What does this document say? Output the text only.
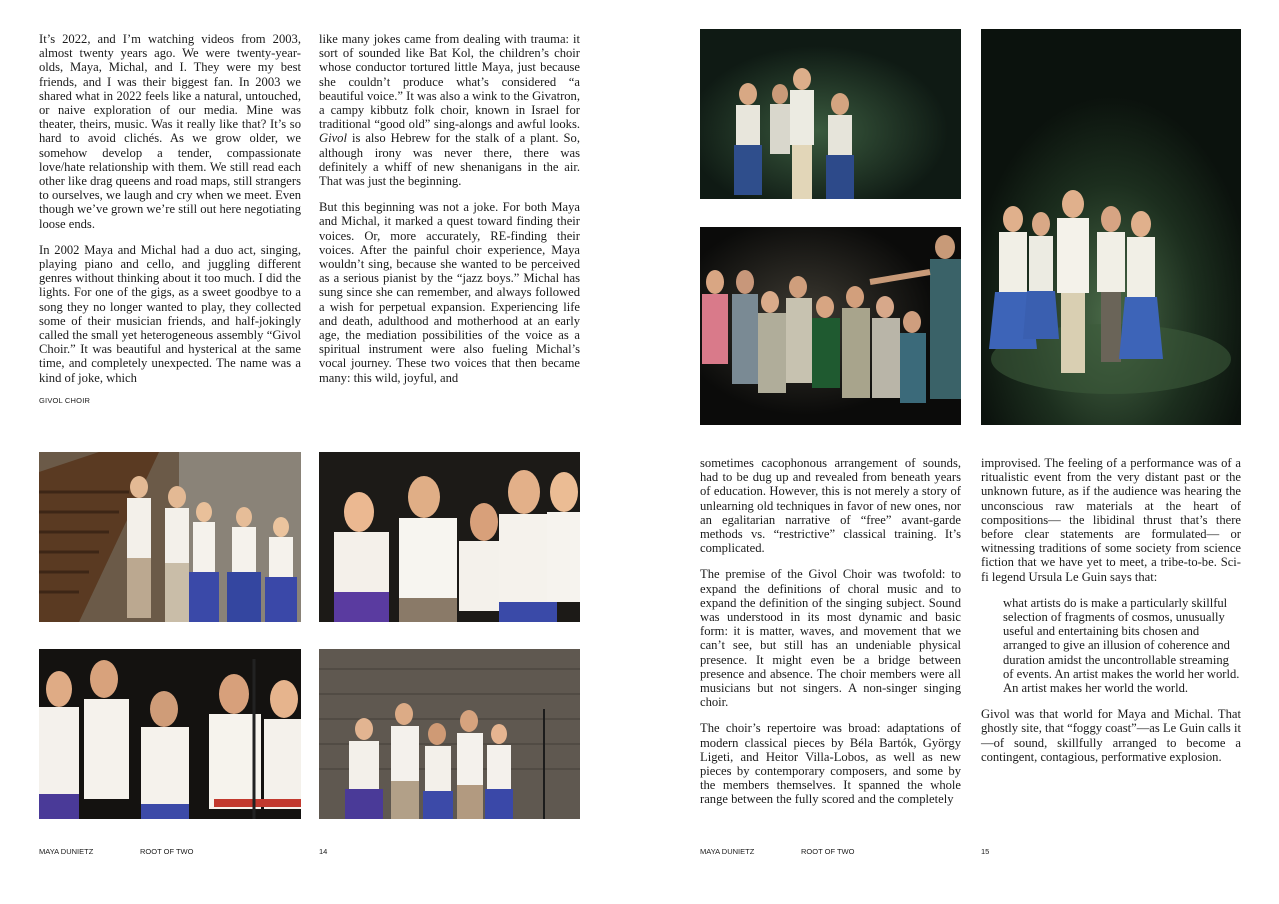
It’s 2022, and I’m watching videos from 2003, almost twenty years ago. We were twenty-year-olds, Maya, Michal, and I. They were my best friends, and I was their biggest fan. In 2003 we shared what in 2022 feels like a natural, untouched, or naive exploration of our media. Mine was theater, theirs, music. Was it really like that? It’s so hard to avoid clichés. As we grow older, we somehow develop a tender, compassionate love/hate relationship with them. We still read each other like drag queens and road maps, still strangers to ourselves, we laugh and cry when we meet. Even though we’ve grown we’re still out here negotiating loose ends.

In 2002 Maya and Michal had a duo act, singing, playing piano and cello, and juggling different genres without thinking about it too much. I did the lights. For one of the gigs, as a sweet goodbye to a song they no longer wanted to play, they collected some of their musician friends, and half-jokingly called the small yet heterogeneous assembly “Givol Choir.” It was beautiful and hysterical at the same time, and completely unexpected. The name was a kind of joke, which

GIVOL CHOIR

like many jokes came from dealing with trauma: it sort of sounded like Bat Kol, the children’s choir whose conductor tortured little Maya, just because she couldn’t produce what’s considered “a beautiful voice.” It was also a wink to the Givatron, a campy kibbutz folk choir, known in Israel for traditional “good old” sing-alongs and awful looks. Givol is also Hebrew for the stalk of a plant. So, although irony was never there, there was definitely a whiff of new shenanigans in the air. That was just the beginning.

But this beginning was not a joke. For both Maya and Michal, it marked a quest toward finding their voices. Or, more accurately, RE-finding their voices. After the painful choir experience, Maya wouldn’t sing, because she wanted to be perceived as a serious pianist by the “jazz boys.” Michal has sung since she can remember, and always followed a wish for perpetual expansion. Experiencing life and death, adulthood and motherhood at an early age, the mediation possibilities of the voice as a spiritual instrument were also fueling Michal’s vocal journey. These two voices that then became many: this wild, joyful, and

MAYA DUNIETZ	ROOT OF TWO	14

sometimes cacophonous arrangement of sounds, had to be dug up and revealed from beneath years of education. However, this is not merely a story of unlearning old techniques in favor of new ones, nor an egalitarian narrative of “free” avant-garde methods vs. “restrictive” classical training. It’s complicated.

The premise of the Givol Choir was twofold: to expand the definitions of choral music and to expand the definition of the singing subject. Sound was understood in its most dynamic and basic form: it is matter, waves, and movement that we can’t see, but still has an undeniable physical presence. It might even be a bridge between presence and absence. The choir members were all musicians but not singers. A non-singer singing choir.

The choir’s repertoire was broad: adaptations of modern classical pieces by Béla Bartók, György Ligeti, and Heitor Villa-Lobos, as well as new pieces by contemporary composers, and some by the members themselves. It spanned the whole range between the fully scored and the completely

improvised. The feeling of a performance was of a ritualistic event from the very distant past or the unknown future, as if the audience was hearing the unconscious raw materials at the heart of compositions— the libidinal thrust that’s there before clear statements are formulated— or witnessing traditions of some society from science fiction that we have yet to meet, a tribe-to-be. Sci-fi legend Ursula Le Guin says that:

what artists do is make a particularly skillful selection of fragments of cosmos, unusually useful and entertaining bits chosen and arranged to give an illusion of coherence and duration amidst the uncontrollable streaming of events. An artist makes the world her world. An artist makes her world the world.

Givol was that world for Maya and Michal. That ghostly site, that “foggy coast”—as Le Guin calls it—of sound, skillfully arranged to become a contingent, contagious, performative explosion.

MAYA DUNIETZ	ROOT OF TWO	15
